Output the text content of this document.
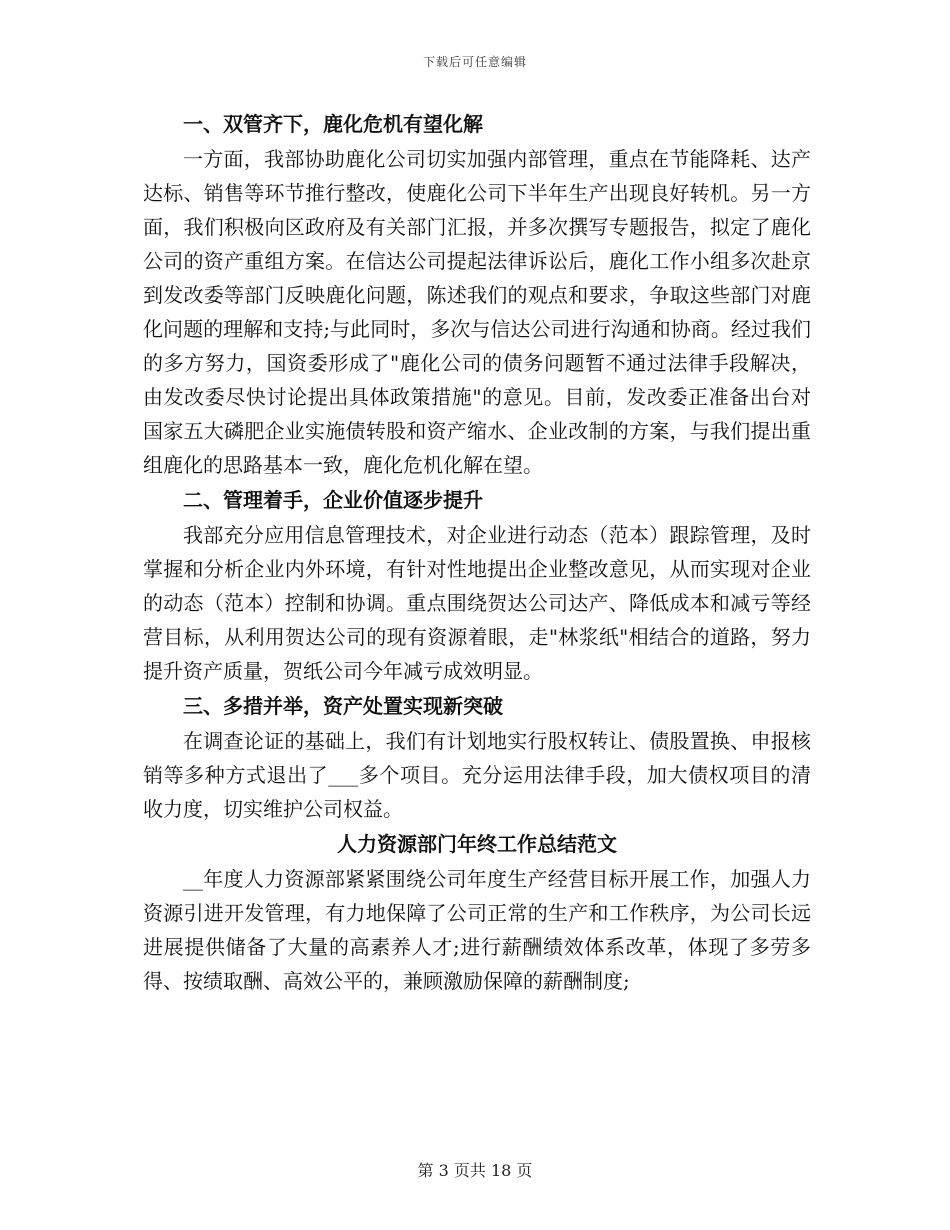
下载后可任意编辑

一、双管齐下，鹿化危机有望化解

一方面，我部协助鹿化公司切实加强内部管理，重点在节能降耗、达产达标、销售等环节推行整改，使鹿化公司下半年生产出现良好转机。另一方面，我们积极向区政府及有关部门汇报，并多次撰写专题报告，拟定了鹿化公司的资产重组方案。在信达公司提起法律诉讼后，鹿化工作小组多次赴京到发改委等部门反映鹿化问题，陈述我们的观点和要求，争取这些部门对鹿化问题的理解和支持;与此同时，多次与信达公司进行沟通和协商。经过我们的多方努力，国资委形成了"鹿化公司的债务问题暂不通过法律手段解决，由发改委尽快讨论提出具体政策措施"的意见。目前，发改委正准备出台对国家五大磷肥企业实施债转股和资产缩水、企业改制的方案，与我们提出重组鹿化的思路基本一致，鹿化危机化解在望。

二、管理着手，企业价值逐步提升

我部充分应用信息管理技术，对企业进行动态（范本）跟踪管理，及时掌握和分析企业内外环境，有针对性地提出企业整改意见，从而实现对企业的动态（范本）控制和协调。重点围绕贺达公司达产、降低成本和减亏等经营目标，从利用贺达公司的现有资源着眼，走"林浆纸"相结合的道路，努力提升资产质量，贺纸公司今年减亏成效明显。

三、多措并举，资产处置实现新突破

在调查论证的基础上，我们有计划地实行股权转让、债股置换、申报核销等多种方式退出了___多个项目。充分运用法律手段，加大债权项目的清收力度，切实维护公司权益。

人力资源部门年终工作总结范文

__年度人力资源部紧紧围绕公司年度生产经营目标开展工作，加强人力资源引进开发管理，有力地保障了公司正常的生产和工作秩序，为公司长远进展提供储备了大量的高素养人才;进行薪酬绩效体系改革，体现了多劳多得、按绩取酬、高效公平的，兼顾激励保障的薪酬制度;

第 3 页共 18 页
